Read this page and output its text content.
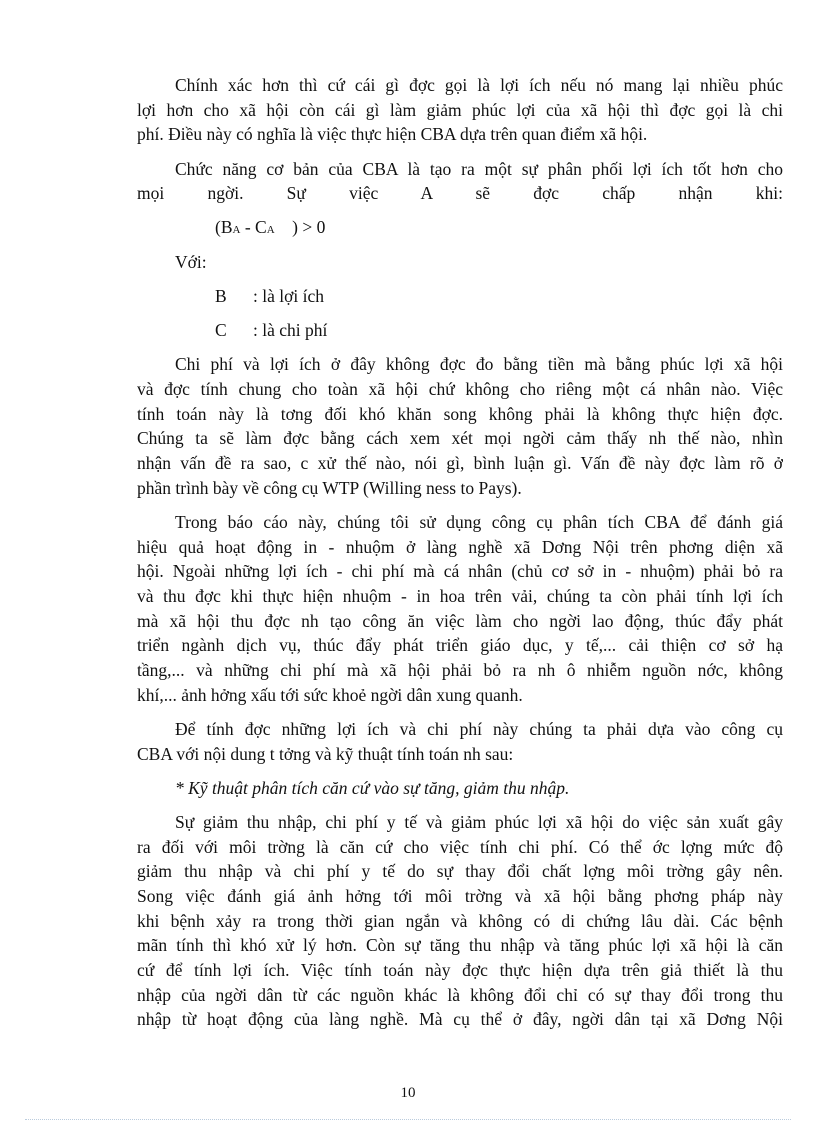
Chính xác hơn thì cứ cái gì đợc gọi là lợi ích nếu nó mang lại nhiều phúc
lợi hơn cho xã hội còn cái gì làm giảm phúc lợi của xã hội thì đợc gọi là chi
phí. Điều này có nghĩa là việc thực hiện CBA dựa trên quan điểm xã hội.
Chức năng cơ bản của CBA là tạo ra một sự phân phối lợi ích tốt hơn cho
mọi ngời. Sự việc A sẽ đợc chấp nhận khi:
(BA - CA    ) > 0
Với:
B : là lợi ích
C : là chi phí
Chi phí và lợi ích ở đây không đợc đo bằng tiền mà bằng phúc lợi xã hội
và đợc tính chung cho toàn xã hội chứ không cho riêng một cá nhân nào. Việc
tính toán này là tơng đối khó khăn song không phải là không thực hiện đợc.
Chúng ta sẽ làm đợc bằng cách xem xét mọi ngời cảm thấy nh thế nào, nhìn
nhận vấn đề ra sao, c xử thế nào, nói gì, bình luận gì. Vấn đề này đợc làm rõ ở
phần trình bày về công cụ WTP (Willing ness to Pays).
Trong báo cáo này, chúng tôi sử dụng công cụ phân tích CBA để đánh giá
hiệu quả hoạt động in - nhuộm ở làng nghề xã Dơng Nội trên phơng diện xã
hội. Ngoài những lợi ích - chi phí mà cá nhân (chủ cơ sở in - nhuộm) phải bỏ ra
và thu đợc khi thực hiện nhuộm - in hoa trên vải, chúng ta còn phải tính lợi ích
mà xã hội thu đợc nh tạo công ăn việc làm cho ngời lao động, thúc đẩy phát
triển ngành dịch vụ, thúc đẩy phát triển giáo dục, y tế,... cải thiện cơ sở hạ
tầng,... và những chi phí mà xã hội phải bỏ ra nh ô nhiễm nguồn nớc, không
khí,... ảnh hởng xấu tới sức khoẻ ngời dân xung quanh.
Để tính đợc những lợi ích và chi phí này chúng ta phải dựa vào công cụ
CBA với nội dung t tởng và kỹ thuật tính toán nh sau:
* Kỹ thuật phân tích căn cứ vào sự tăng, giảm thu nhập.
Sự giảm thu nhập, chi phí y tế và giảm phúc lợi xã hội do việc sản xuất gây
ra đối với môi trờng là căn cứ cho việc tính chi phí. Có thể ớc lợng mức độ
giảm thu nhập và chi phí y tế do sự thay đổi chất lợng môi trờng gây nên.
Song việc đánh giá ảnh hởng tới môi trờng và xã hội bằng phơng pháp này
khi bệnh xảy ra trong thời gian ngắn và không có di chứng lâu dài. Các bệnh
mãn tính thì khó xử lý hơn. Còn sự tăng thu nhập và tăng phúc lợi xã hội là căn
cứ để tính lợi ích. Việc tính toán này đợc thực hiện dựa trên giả thiết là thu
nhập của ngời dân từ các nguồn khác là không đổi chỉ có sự thay đổi trong thu
nhập từ hoạt động của làng nghề. Mà cụ thể ở đây, ngời dân tại xã Dơng Nội
10
